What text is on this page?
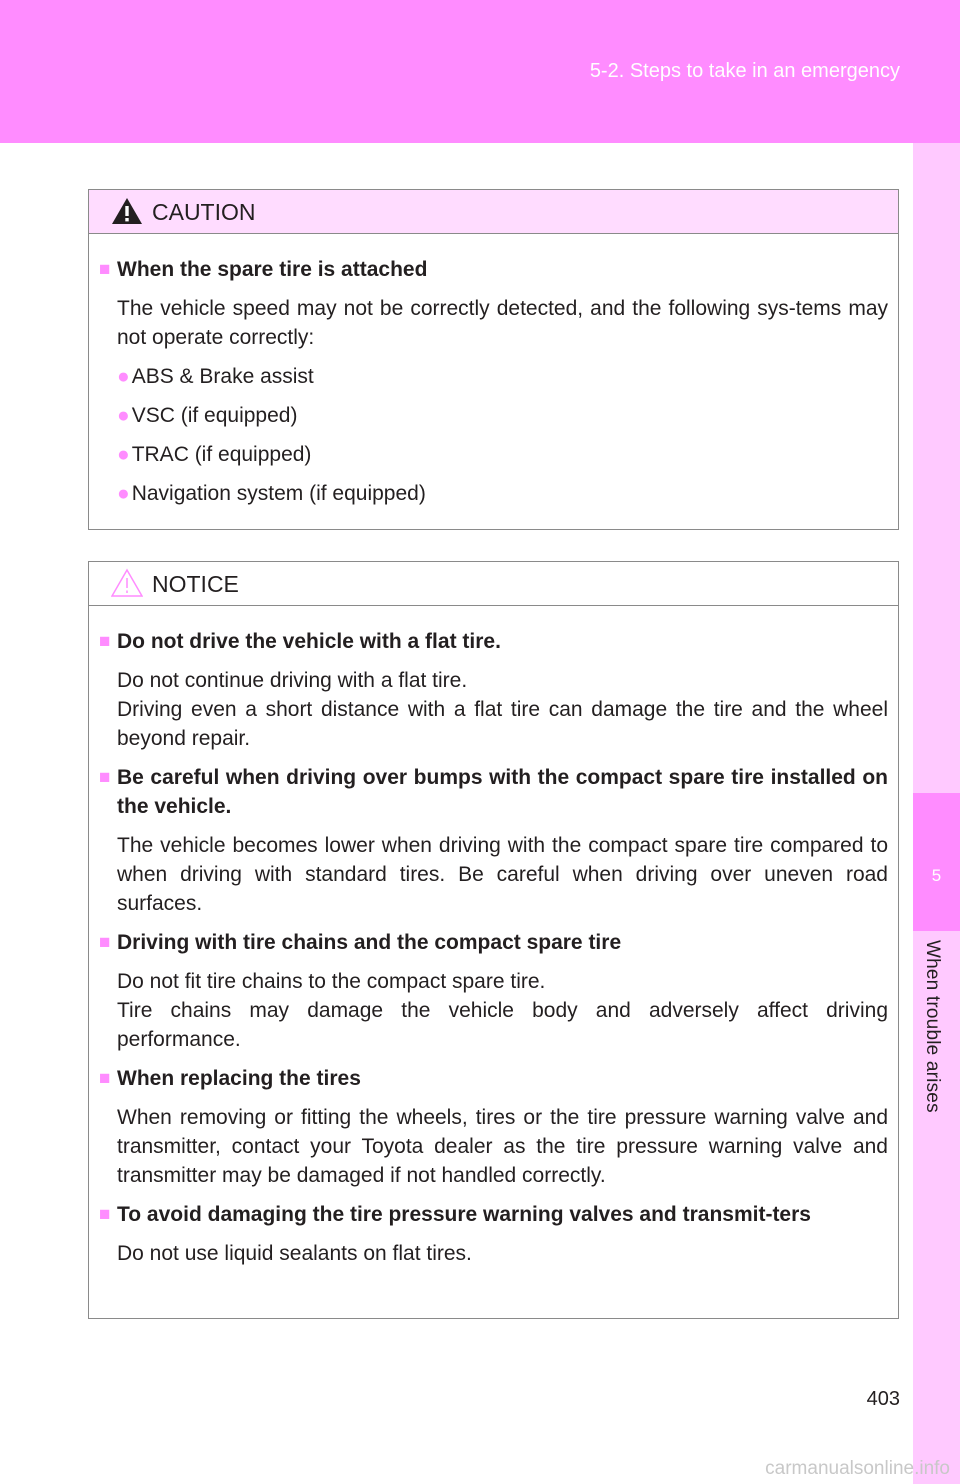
5-2. Steps to take in an emergency
5
When trouble arises
CAUTION
■ When the spare tire is attached
The vehicle speed may not be correctly detected, and the following sys-tems may not operate correctly:
●ABS & Brake assist
●VSC (if equipped)
●TRAC (if equipped)
●Navigation system (if equipped)
NOTICE
■ Do not drive the vehicle with a flat tire.
Do not continue driving with a flat tire.
Driving even a short distance with a flat tire can damage the tire and the wheel beyond repair.
■ Be careful when driving over bumps with the compact spare tire installed on the vehicle.
The vehicle becomes lower when driving with the compact spare tire compared to when driving with standard tires. Be careful when driving over uneven road surfaces.
■ Driving with tire chains and the compact spare tire
Do not fit tire chains to the compact spare tire.
Tire chains may damage the vehicle body and adversely affect driving performance.
■ When replacing the tires
When removing or fitting the wheels, tires or the tire pressure warning valve and transmitter, contact your Toyota dealer as the tire pressure warning valve and transmitter may be damaged if not handled correctly.
■ To avoid damaging the tire pressure warning valves and transmit-ters
Do not use liquid sealants on flat tires.
403
carmanualsonline.info
